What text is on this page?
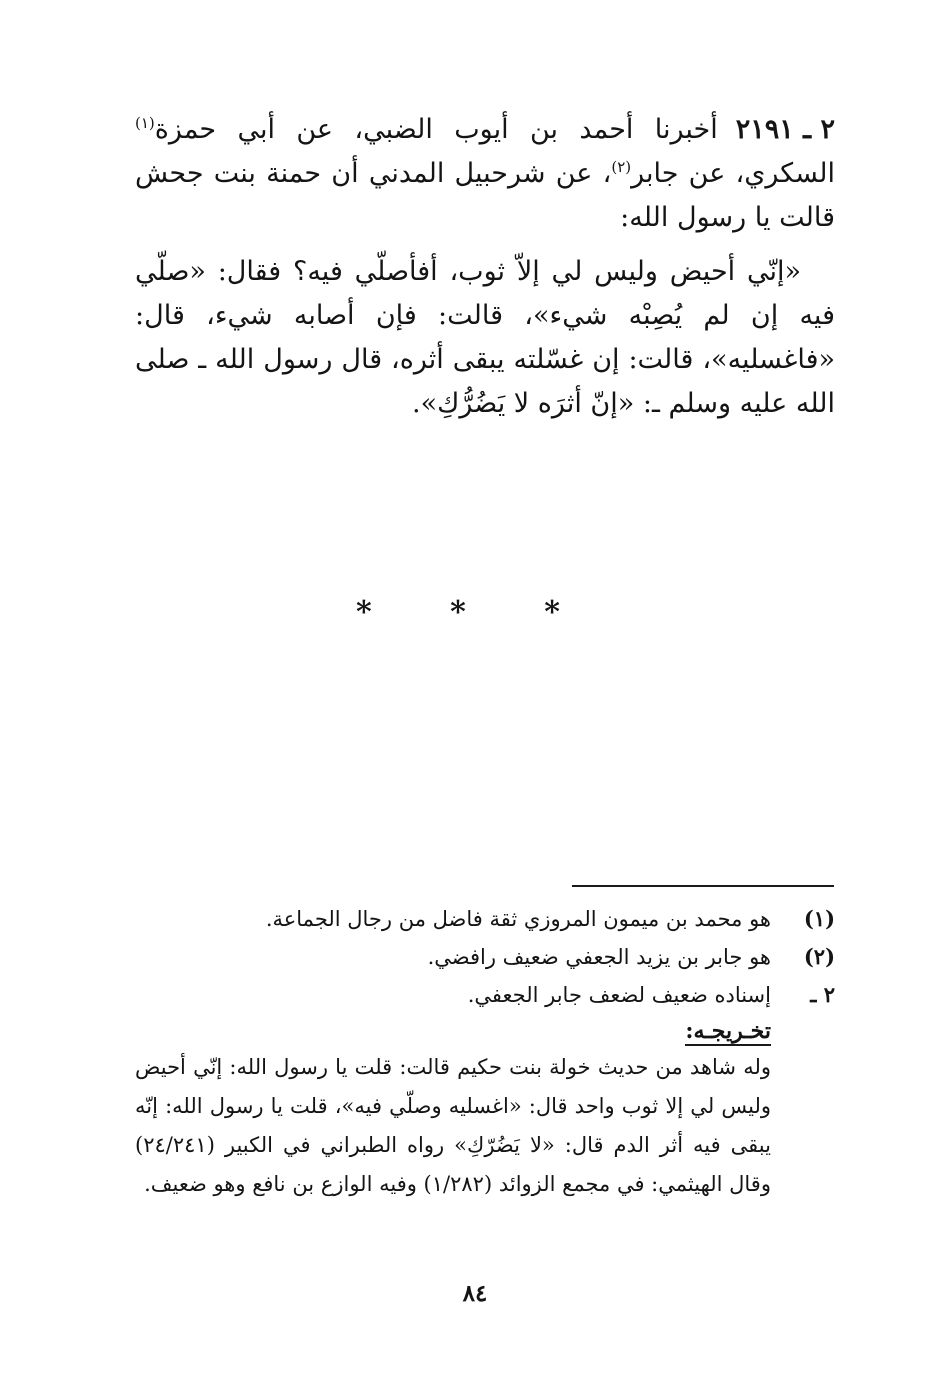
٢ ـ ٢١٩١أخبرنا أحمد بن أيوب الضبي، عن أبي حمزة$^{(١)}$ السكري، عن جابر$^{(٢)}$، عن شرحبيل المدني أن حمنة بنت جحش قالت يا رسول الله:

«إنّي أحيض وليس لي إلاّ ثوب، أفأصلّي فيه؟ فقال: «صلّي فيه إن لم يُصِبْه شيء»، قالت: فإن أصابه شيء، قال: «فاغسليه»، قالت: إن غسّلته يبقى أثره، قال رسول الله ـ صلى الله عليه وسلم ـ: «إنّ أثرَه لا يَضُرُّكِ».

* * *
(١)
هو محمد بن ميمون المروزي ثقة فاضل من رجال الجماعة.
(٢)
هو جابر بن يزيد الجعفي ضعيف رافضي.
٢ ـ
إسناده ضعيف لضعف جابر الجعفي.
تخـريجـه:
وله شاهد من حديث خولة بنت حكيم قالت: قلت يا رسول الله: إنّي أحيض وليس لي إلا ثوب واحد قال: «اغسليه وصلّي فيه»، قلت يا رسول الله: إنّه يبقى فيه أثر الدم قال: «لا يَضُرّكِ» رواه الطبراني في الكبير (٢٤/٢٤١) وقال الهيثمي: في مجمع الزوائد (١/٢٨٢) وفيه الوازع بن نافع وهو ضعيف.
٨٤
